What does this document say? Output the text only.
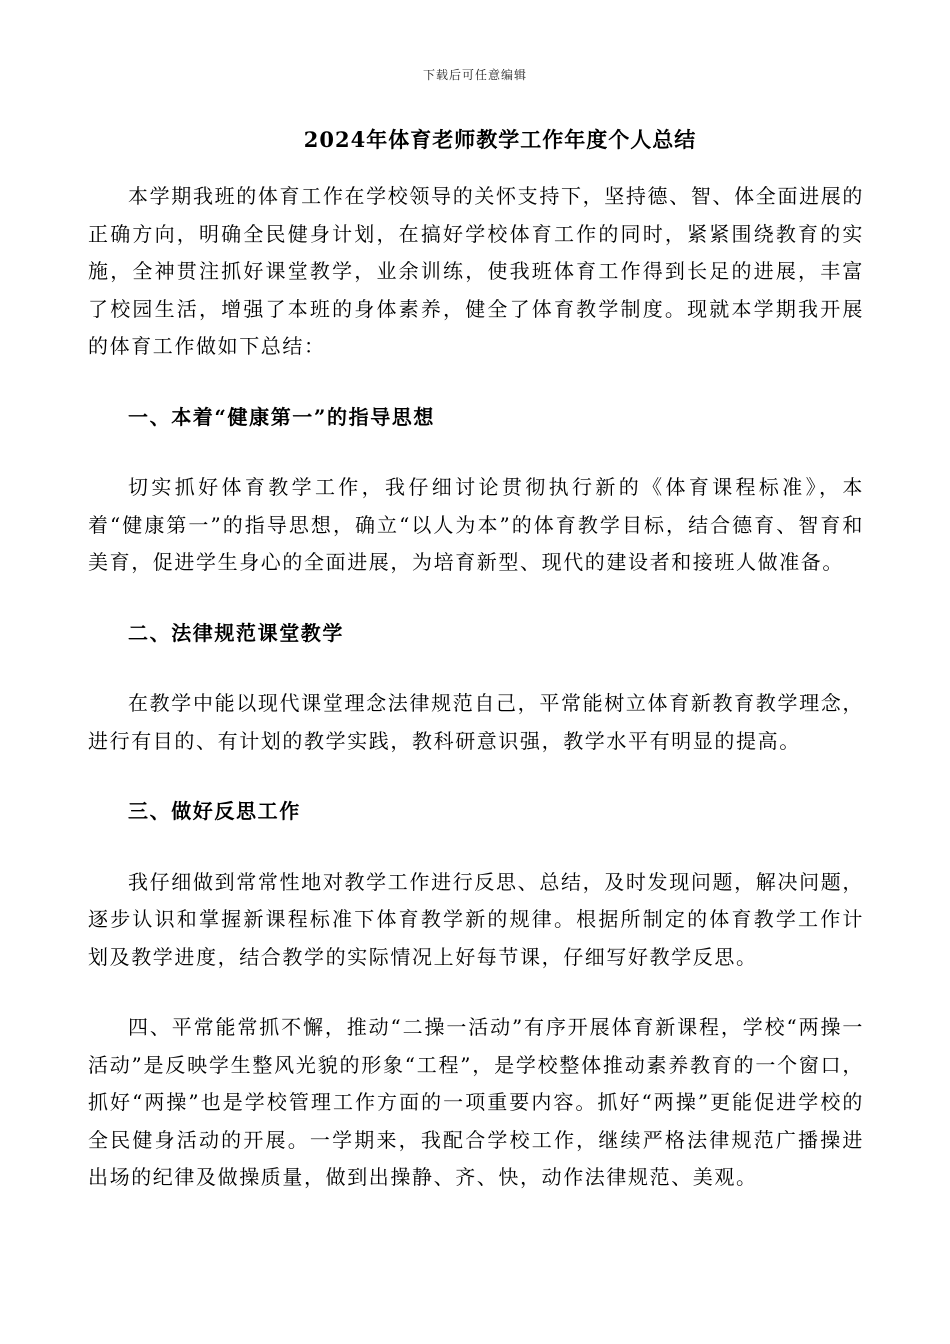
下载后可任意编辑
2024年体育老师教学工作年度个人总结

本学期我班的体育工作在学校领导的关怀支持下，坚持德、智、体全面进展的正确方向，明确全民健身计划，在搞好学校体育工作的同时，紧紧围绕教育的实施，全神贯注抓好课堂教学，业余训练，使我班体育工作得到长足的进展，丰富了校园生活，增强了本班的身体素养，健全了体育教学制度。现就本学期我开展的体育工作做如下总结：

一、本着“健康第一”的指导思想

切实抓好体育教学工作，我仔细讨论贯彻执行新的《体育课程标准》，本着“健康第一”的指导思想，确立“以人为本”的体育教学目标，结合德育、智育和美育，促进学生身心的全面进展，为培育新型、现代的建设者和接班人做准备。

二、法律规范课堂教学

在教学中能以现代课堂理念法律规范自己，平常能树立体育新教育教学理念，进行有目的、有计划的教学实践，教科研意识强，教学水平有明显的提高。

三、做好反思工作

我仔细做到常常性地对教学工作进行反思、总结，及时发现问题，解决问题，逐步认识和掌握新课程标准下体育教学新的规律。根据所制定的体育教学工作计划及教学进度，结合教学的实际情况上好每节课，仔细写好教学反思。

四、平常能常抓不懈，推动“二操一活动”有序开展体育新课程，学校“两操一活动”是反映学生整风光貌的形象“工程”，是学校整体推动素养教育的一个窗口，抓好“两操”也是学校管理工作方面的一项重要内容。抓好“两操”更能促进学校的全民健身活动的开展。一学期来，我配合学校工作，继续严格法律规范广播操进出场的纪律及做操质量，做到出操静、齐、快，动作法律规范、美观。
